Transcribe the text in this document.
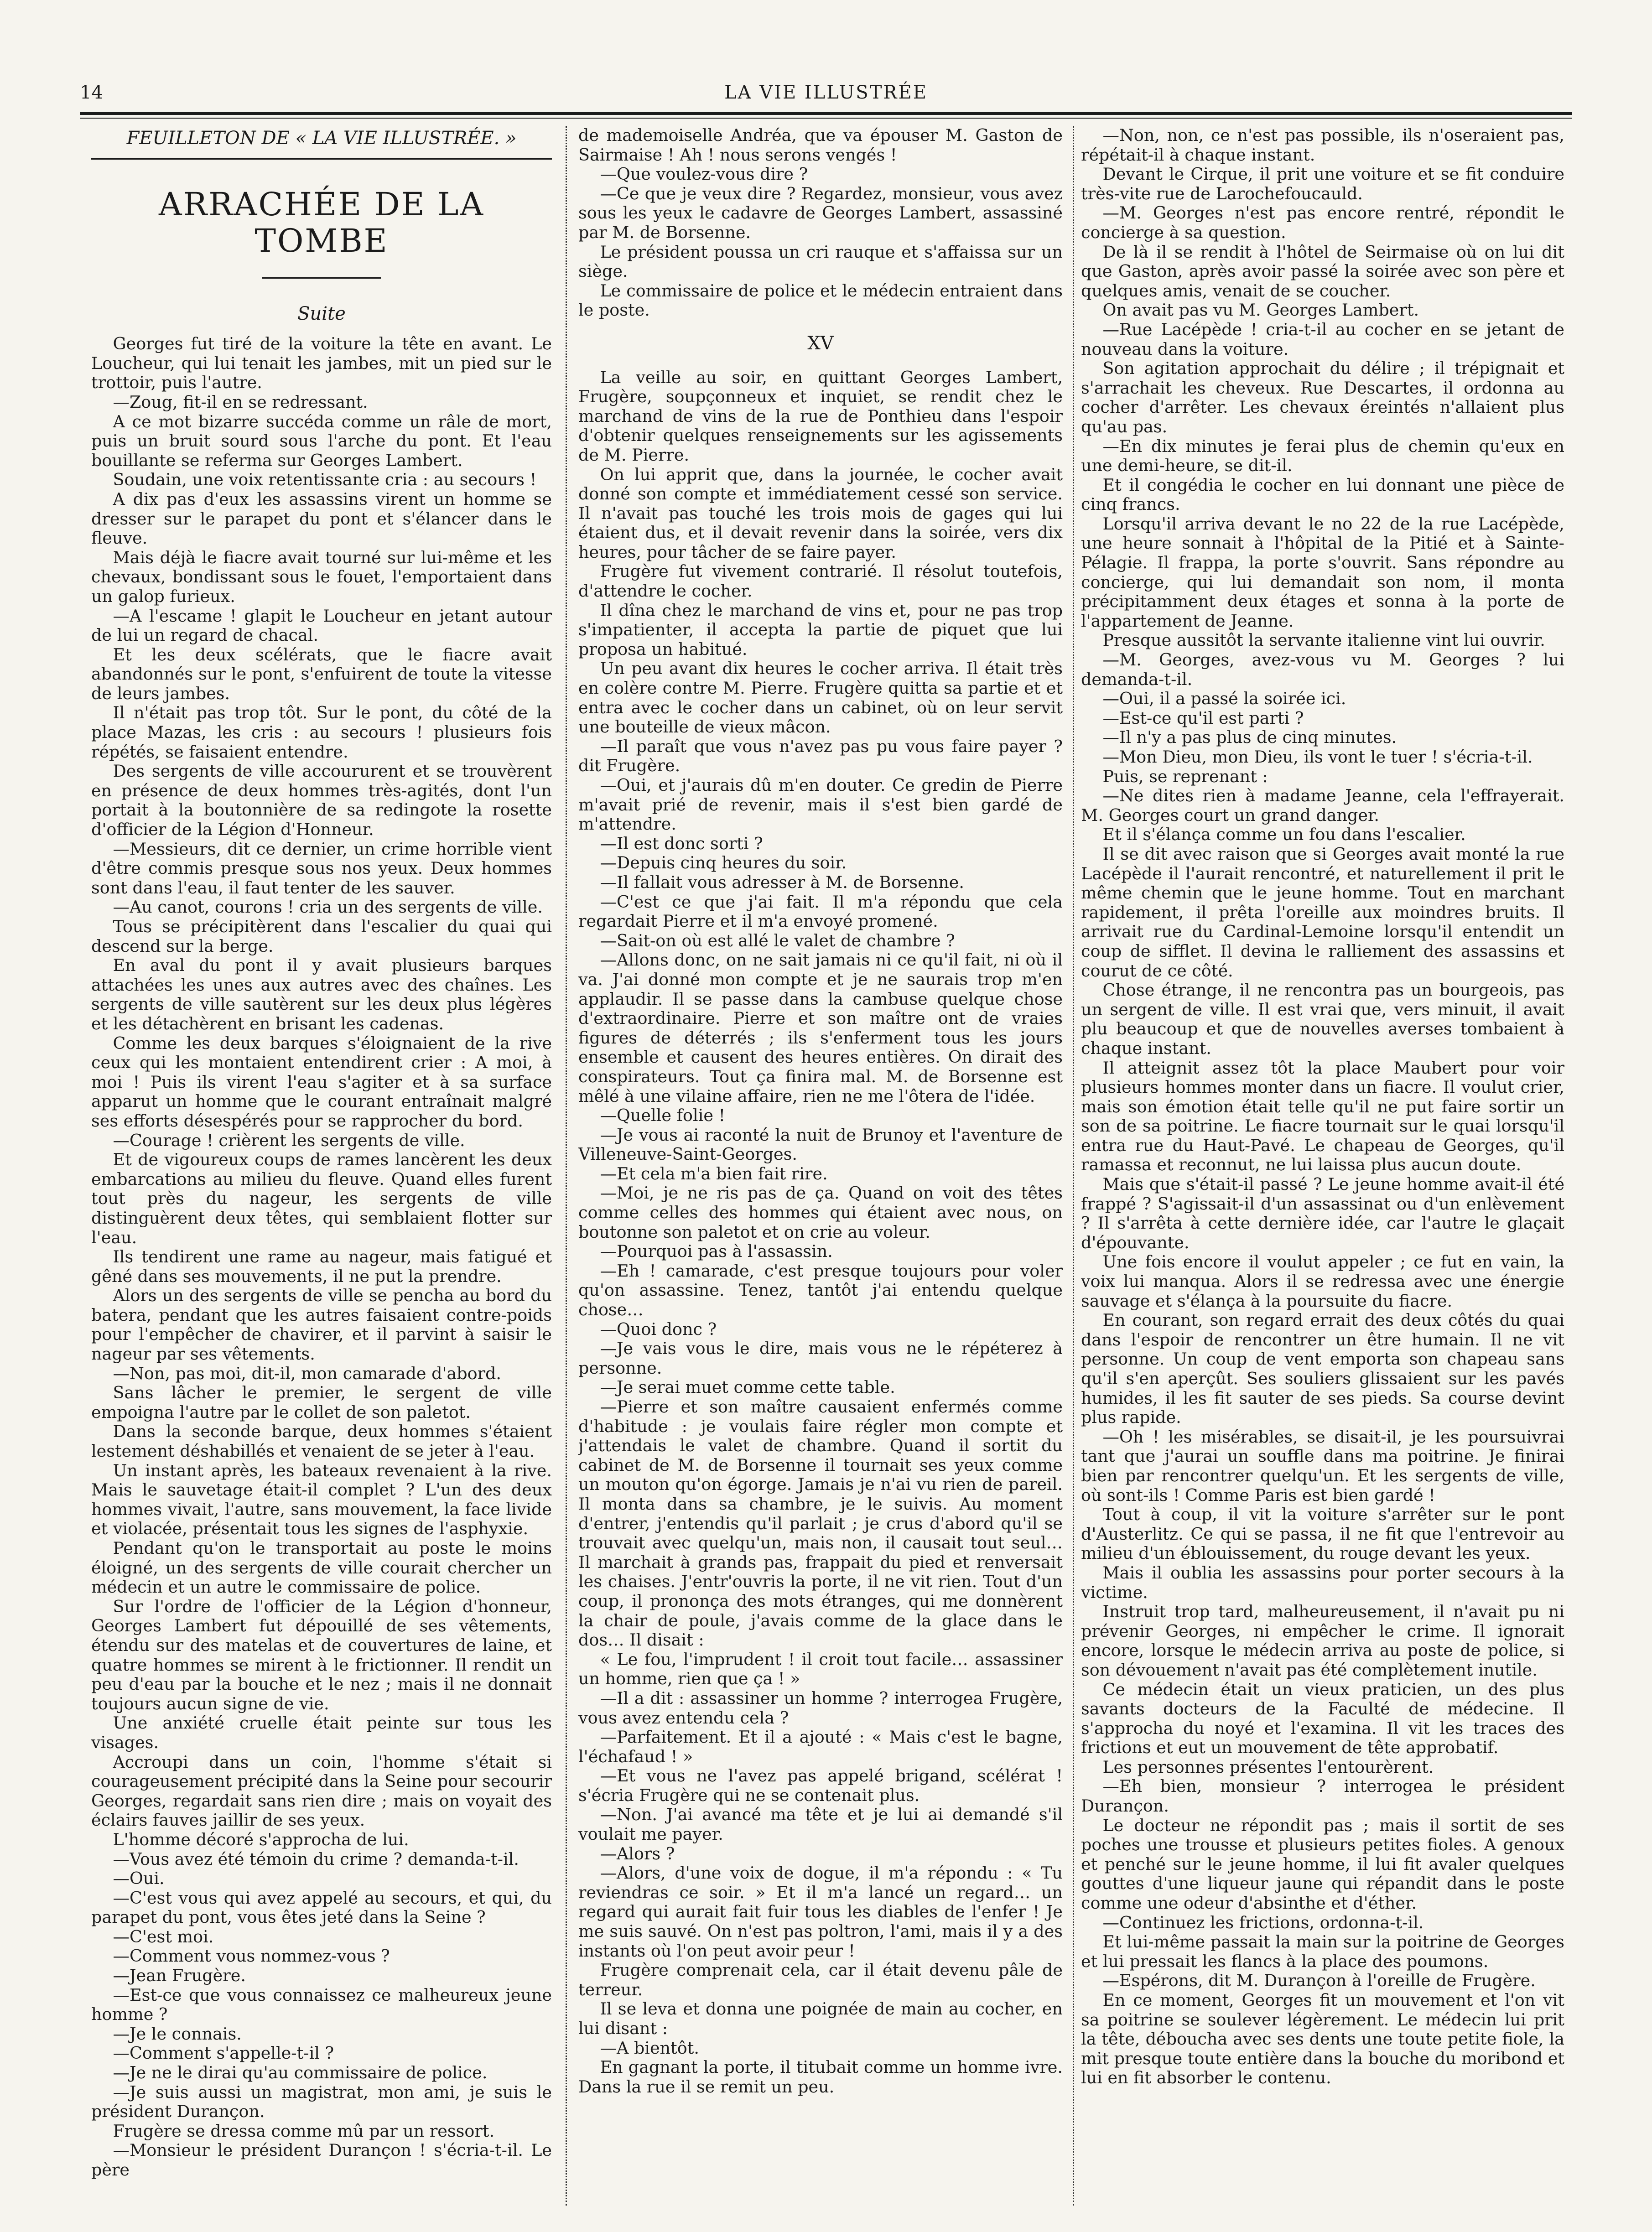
14	LA VIE ILLUSTRÉE
FEUILLETON DE « LA VIE ILLUSTRÉE. »
ARRACHÉE DE LA TOMBE
Suite

Georges fut tiré de la voiture la tête en avant. Le Loucheur, qui lui tenait les jambes, mit un pied sur le trottoir, puis l'autre.

—Zoug, fit-il en se redressant.

A ce mot bizarre succéda comme un râle de mort, puis un bruit sourd sous l'arche du pont. Et l'eau bouillante se referma sur Georges Lambert.

Soudain, une voix retentissante cria : au secours !

A dix pas d'eux les assassins virent un homme se dresser sur le parapet du pont et s'élancer dans le fleuve.

Mais déjà le fiacre avait tourné sur lui-même et les chevaux, bondissant sous le fouet, l'emportaient dans un galop furieux.

—A l'escame ! glapit le Loucheur en jetant autour de lui un regard de chacal.

Et les deux scélérats, que le fiacre avait abandonnés sur le pont, s'enfuirent de toute la vitesse de leurs jambes.

Il n'était pas trop tôt. Sur le pont, du côté de la place Mazas, les cris : au secours ! plusieurs fois répétés, se faisaient entendre.

Des sergents de ville accoururent et se trouvèrent en présence de deux hommes très-agités, dont l'un portait à la boutonnière de sa redingote la rosette d'officier de la Légion d'Honneur.

—Messieurs, dit ce dernier, un crime horrible vient d'être commis presque sous nos yeux. Deux hommes sont dans l'eau, il faut tenter de les sauver.

—Au canot, courons ! cria un des sergents de ville.

Tous se précipitèrent dans l'escalier du quai qui descend sur la berge.

En aval du pont il y avait plusieurs barques attachées les unes aux autres avec des chaînes. Les sergents de ville sautèrent sur les deux plus légères et les détachèrent en brisant les cadenas.

Comme les deux barques s'éloignaient de la rive ceux qui les montaient entendirent crier : A moi, à moi ! Puis ils virent l'eau s'agiter et à sa surface apparut un homme que le courant entraînait malgré ses efforts désespérés pour se rapprocher du bord.

—Courage ! crièrent les sergents de ville.

Et de vigoureux coups de rames lancèrent les deux embarcations au milieu du fleuve. Quand elles furent tout près du nageur, les sergents de ville distinguèrent deux têtes, qui semblaient flotter sur l'eau.

Ils tendirent une rame au nageur, mais fatigué et gêné dans ses mouvements, il ne put la prendre.

Alors un des sergents de ville se pencha au bord du batera, pendant que les autres faisaient contre-poids pour l'empêcher de chavirer, et il parvint à saisir le nageur par ses vêtements.

—Non, pas moi, dit-il, mon camarade d'abord.

Sans lâcher le premier, le sergent de ville empoigna l'autre par le collet de son paletot.

Dans la seconde barque, deux hommes s'étaient lestement déshabillés et venaient de se jeter à l'eau.

Un instant après, les bateaux revenaient à la rive. Mais le sauvetage était-il complet ? L'un des deux hommes vivait, l'autre, sans mouvement, la face livide et violacée, présentait tous les signes de l'asphyxie.

Pendant qu'on le transportait au poste le moins éloigné, un des sergents de ville courait chercher un médecin et un autre le commissaire de police.

Sur l'ordre de l'officier de la Légion d'honneur, Georges Lambert fut dépouillé de ses vêtements, étendu sur des matelas et de couvertures de laine, et quatre hommes se mirent à le frictionner. Il rendit un peu d'eau par la bouche et le nez ; mais il ne donnait toujours aucun signe de vie.

Une anxiété cruelle était peinte sur tous les visages.

Accroupi dans un coin, l'homme s'était si courageusement précipité dans la Seine pour secourir Georges, regardait sans rien dire ; mais on voyait des éclairs fauves jaillir de ses yeux.

L'homme décoré s'approcha de lui.

—Vous avez été témoin du crime ? demanda-t-il.

—Oui.

—C'est vous qui avez appelé au secours, et qui, du parapet du pont, vous êtes jeté dans la Seine ?

—C'est moi.

—Comment vous nommez-vous ?

—Jean Frugère.

—Est-ce que vous connaissez ce malheureux jeune homme ?

—Je le connais.

—Comment s'appelle-t-il ?

—Je ne le dirai qu'au commissaire de police.

—Je suis aussi un magistrat, mon ami, je suis le président Durançon.

Frugère se dressa comme mû par un ressort.

—Monsieur le président Durançon ! s'écria-t-il. Le père

de mademoiselle Andréa, que va épouser M. Gaston de Sairmaise ! Ah ! nous serons vengés !

—Que voulez-vous dire ?

—Ce que je veux dire ? Regardez, monsieur, vous avez sous les yeux le cadavre de Georges Lambert, assassiné par M. de Borsenne.

Le président poussa un cri rauque et s'affaissa sur un siège.

Le commissaire de police et le médecin entraient dans le poste.

XV

La veille au soir, en quittant Georges Lambert, Frugère, soupçonneux et inquiet, se rendit chez le marchand de vins de la rue de Ponthieu dans l'espoir d'obtenir quelques renseignements sur les agissements de M. Pierre.

On lui apprit que, dans la journée, le cocher avait donné son compte et immédiatement cessé son service. Il n'avait pas touché les trois mois de gages qui lui étaient dus, et il devait revenir dans la soirée, vers dix heures, pour tâcher de se faire payer.

Frugère fut vivement contrarié. Il résolut toutefois, d'attendre le cocher.

Il dîna chez le marchand de vins et, pour ne pas trop s'impatienter, il accepta la partie de piquet que lui proposa un habitué.

Un peu avant dix heures le cocher arriva. Il était très en colère contre M. Pierre. Frugère quitta sa partie et et entra avec le cocher dans un cabinet, où on leur servit une bouteille de vieux mâcon.

—Il paraît que vous n'avez pas pu vous faire payer ? dit Frugère.

—Oui, et j'aurais dû m'en douter. Ce gredin de Pierre m'avait prié de revenir, mais il s'est bien gardé de m'attendre.

—Il est donc sorti ?

—Depuis cinq heures du soir.

—Il fallait vous adresser à M. de Borsenne.

—C'est ce que j'ai fait. Il m'a répondu que cela regardait Pierre et il m'a envoyé promené.

—Sait-on où est allé le valet de chambre ?

—Allons donc, on ne sait jamais ni ce qu'il fait, ni où il va. J'ai donné mon compte et je ne saurais trop m'en applaudir. Il se passe dans la cambuse quelque chose d'extraordinaire. Pierre et son maître ont de vraies figures de déterrés ; ils s'enferment tous les jours ensemble et causent des heures entières. On dirait des conspirateurs. Tout ça finira mal. M. de Borsenne est mêlé à une vilaine affaire, rien ne me l'ôtera de l'idée.

—Quelle folie !

—Je vous ai raconté la nuit de Brunoy et l'aventure de Villeneuve-Saint-Georges.

—Et cela m'a bien fait rire.

—Moi, je ne ris pas de ça. Quand on voit des têtes comme celles des hommes qui étaient avec nous, on boutonne son paletot et on crie au voleur.

—Pourquoi pas à l'assassin.

—Eh ! camarade, c'est presque toujours pour voler qu'on assassine. Tenez, tantôt j'ai entendu quelque chose…

—Quoi donc ?

—Je vais vous le dire, mais vous ne le répéterez à personne.

—Je serai muet comme cette table.

—Pierre et son maître causaient enfermés comme d'habitude : je voulais faire régler mon compte et j'attendais le valet de chambre. Quand il sortit du cabinet de M. de Borsenne il tournait ses yeux comme un mouton qu'on égorge. Jamais je n'ai vu rien de pareil. Il monta dans sa chambre, je le suivis. Au moment d'entrer, j'entendis qu'il parlait ; je crus d'abord qu'il se trouvait avec quelqu'un, mais non, il causait tout seul… Il marchait à grands pas, frappait du pied et renversait les chaises. J'entr'ouvris la porte, il ne vit rien. Tout d'un coup, il prononça des mots étranges, qui me donnèrent la chair de poule, j'avais comme de la glace dans le dos… Il disait :

« Le fou, l'imprudent ! il croit tout facile… assassiner un homme, rien que ça ! »

—Il a dit : assassiner un homme ? interrogea Frugère, vous avez entendu cela ?

—Parfaitement. Et il a ajouté : « Mais c'est le bagne, l'échafaud ! »

—Et vous ne l'avez pas appelé brigand, scélérat ! s'écria Frugère qui ne se contenait plus.

—Non. J'ai avancé ma tête et je lui ai demandé s'il voulait me payer.

—Alors ?

—Alors, d'une voix de dogue, il m'a répondu : « Tu reviendras ce soir. » Et il m'a lancé un regard… un regard qui aurait fait fuir tous les diables de l'enfer ! Je me suis sauvé. On n'est pas poltron, l'ami, mais il y a des instants où l'on peut avoir peur !

Frugère comprenait cela, car il était devenu pâle de terreur.

Il se leva et donna une poignée de main au cocher, en lui disant :

—A bientôt.

En gagnant la porte, il titubait comme un homme ivre. Dans la rue il se remit un peu.

—Non, non, ce n'est pas possible, ils n'oseraient pas, répétait-il à chaque instant.

Devant le Cirque, il prit une voiture et se fit conduire très-vite rue de Larochefoucauld.

—M. Georges n'est pas encore rentré, répondit le concierge à sa question.

De là il se rendit à l'hôtel de Seirmaise où on lui dit que Gaston, après avoir passé la soirée avec son père et quelques amis, venait de se coucher.

On avait pas vu M. Georges Lambert.

—Rue Lacépède ! cria-t-il au cocher en se jetant de nouveau dans la voiture.

Son agitation approchait du délire ; il trépignait et s'arrachait les cheveux. Rue Descartes, il ordonna au cocher d'arrêter. Les chevaux éreintés n'allaient plus qu'au pas.

—En dix minutes je ferai plus de chemin qu'eux en une demi-heure, se dit-il.

Et il congédia le cocher en lui donnant une pièce de cinq francs.

Lorsqu'il arriva devant le no 22 de la rue Lacépède, une heure sonnait à l'hôpital de la Pitié et à Sainte-Pélagie. Il frappa, la porte s'ouvrit. Sans répondre au concierge, qui lui demandait son nom, il monta précipitamment deux étages et sonna à la porte de l'appartement de Jeanne.

Presque aussitôt la servante italienne vint lui ouvrir.

—M. Georges, avez-vous vu M. Georges ? lui demanda-t-il.

—Oui, il a passé la soirée ici.

—Est-ce qu'il est parti ?

—Il n'y a pas plus de cinq minutes.

—Mon Dieu, mon Dieu, ils vont le tuer ! s'écria-t-il.

Puis, se reprenant :

—Ne dites rien à madame Jeanne, cela l'effrayerait. M. Georges court un grand danger.

Et il s'élança comme un fou dans l'escalier.

Il se dit avec raison que si Georges avait monté la rue Lacépède il l'aurait rencontré, et naturellement il prit le même chemin que le jeune homme. Tout en marchant rapidement, il prêta l'oreille aux moindres bruits. Il arrivait rue du Cardinal-Lemoine lorsqu'il entendit un coup de sifflet. Il devina le ralliement des assassins et courut de ce côté.

Chose étrange, il ne rencontra pas un bourgeois, pas un sergent de ville. Il est vrai que, vers minuit, il avait plu beaucoup et que de nouvelles averses tombaient à chaque instant.

Il atteignit assez tôt la place Maubert pour voir plusieurs hommes monter dans un fiacre. Il voulut crier, mais son émotion était telle qu'il ne put faire sortir un son de sa poitrine. Le fiacre tournait sur le quai lorsqu'il entra rue du Haut-Pavé. Le chapeau de Georges, qu'il ramassa et reconnut, ne lui laissa plus aucun doute.

Mais que s'était-il passé ? Le jeune homme avait-il été frappé ? S'agissait-il d'un assassinat ou d'un enlèvement ? Il s'arrêta à cette dernière idée, car l'autre le glaçait d'épouvante.

Une fois encore il voulut appeler ; ce fut en vain, la voix lui manqua. Alors il se redressa avec une énergie sauvage et s'élança à la poursuite du fiacre.

En courant, son regard errait des deux côtés du quai dans l'espoir de rencontrer un être humain. Il ne vit personne. Un coup de vent emporta son chapeau sans qu'il s'en aperçût. Ses souliers glissaient sur les pavés humides, il les fit sauter de ses pieds. Sa course devint plus rapide.

—Oh ! les misérables, se disait-il, je les poursuivrai tant que j'aurai un souffle dans ma poitrine. Je finirai bien par rencontrer quelqu'un. Et les sergents de ville, où sont-ils ! Comme Paris est bien gardé !

Tout à coup, il vit la voiture s'arrêter sur le pont d'Austerlitz. Ce qui se passa, il ne fit que l'entrevoir au milieu d'un éblouissement, du rouge devant les yeux.

Mais il oublia les assassins pour porter secours à la victime.

Instruit trop tard, malheureusement, il n'avait pu ni prévenir Georges, ni empêcher le crime. Il ignorait encore, lorsque le médecin arriva au poste de police, si son dévouement n'avait pas été complètement inutile.

Ce médecin était un vieux praticien, un des plus savants docteurs de la Faculté de médecine. Il s'approcha du noyé et l'examina. Il vit les traces des frictions et eut un mouvement de tête approbatif.

Les personnes présentes l'entourèrent.

—Eh bien, monsieur ? interrogea le président Durançon.

Le docteur ne répondit pas ; mais il sortit de ses poches une trousse et plusieurs petites fioles. A genoux et penché sur le jeune homme, il lui fit avaler quelques gouttes d'une liqueur jaune qui répandit dans le poste comme une odeur d'absinthe et d'éther.

—Continuez les frictions, ordonna-t-il.

Et lui-même passait la main sur la poitrine de Georges et lui pressait les flancs à la place des poumons.

—Espérons, dit M. Durançon à l'oreille de Frugère.

En ce moment, Georges fit un mouvement et l'on vit sa poitrine se soulever légèrement. Le médecin lui prit la tête, déboucha avec ses dents une toute petite fiole, la mit presque toute entière dans la bouche du moribond et lui en fit absorber le contenu.
